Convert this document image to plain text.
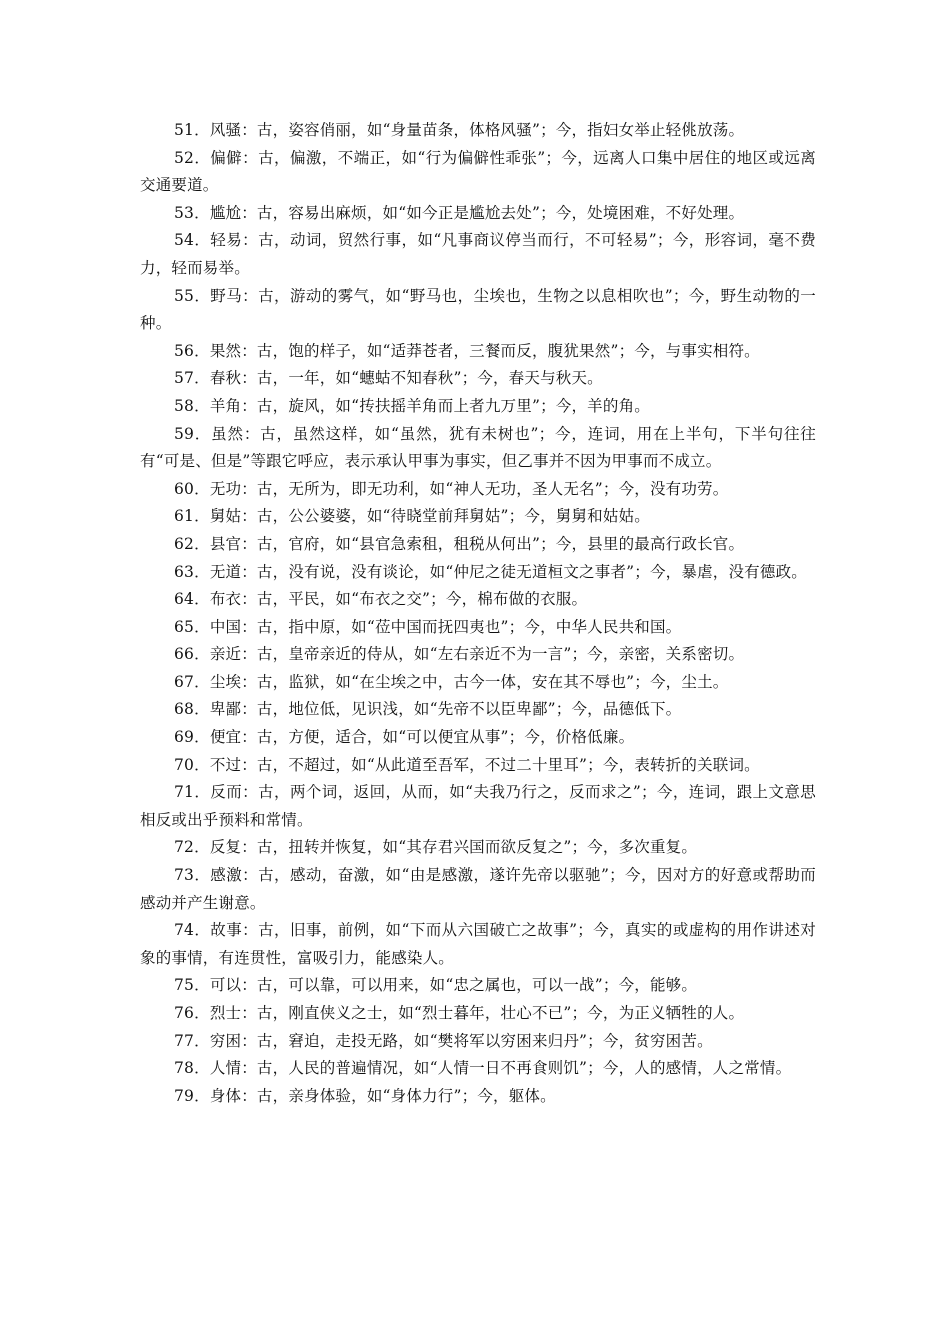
51．风骚：古，姿容俏丽，如“身量苗条，体格风骚”；今，指妇女举止轻佻放荡。

52．偏僻：古，偏激，不端正，如“行为偏僻性乖张”；今，远离人口集中居住的地区或远离交通要道。

53．尴尬：古，容易出麻烦，如“如今正是尴尬去处”；今，处境困难，不好处理。

54．轻易：古，动词，贸然行事，如“凡事商议停当而行，不可轻易”；今，形容词，毫不费力，轻而易举。

55．野马：古，游动的雾气，如“野马也，尘埃也，生物之以息相吹也”；今，野生动物的一种。

56．果然：古，饱的样子，如“适莽苍者，三餐而反，腹犹果然”；今，与事实相符。

57．春秋：古，一年，如“蟪蛄不知春秋”；今，春天与秋天。

58．羊角：古，旋风，如“抟扶摇羊角而上者九万里”；今，羊的角。

59．虽然：古，虽然这样，如“虽然，犹有未树也”；今，连词，用在上半句，下半句往往有“可是、但是”等跟它呼应，表示承认甲事为事实，但乙事并不因为甲事而不成立。

60．无功：古，无所为，即无功利，如“神人无功，圣人无名”；今，没有功劳。

61．舅姑：古，公公婆婆，如“待晓堂前拜舅姑”；今，舅舅和姑姑。

62．县官：古，官府，如“县官急索租，租税从何出”；今，县里的最高行政长官。

63．无道：古，没有说，没有谈论，如“仲尼之徒无道桓文之事者”；今，暴虐，没有德政。

64．布衣：古，平民，如“布衣之交”；今，棉布做的衣服。

65．中国：古，指中原，如“莅中国而抚四夷也”；今，中华人民共和国。

66．亲近：古，皇帝亲近的侍从，如“左右亲近不为一言”；今，亲密，关系密切。

67．尘埃：古，监狱，如“在尘埃之中，古今一体，安在其不辱也”；今，尘土。

68．卑鄙：古，地位低，见识浅，如“先帝不以臣卑鄙”；今，品德低下。

69．便宜：古，方便，适合，如“可以便宜从事”；今，价格低廉。

70．不过：古，不超过，如“从此道至吾军，不过二十里耳”；今，表转折的关联词。

71．反而：古，两个词，返回，从而，如“夫我乃行之，反而求之”；今，连词，跟上文意思相反或出乎预料和常情。

72．反复：古，扭转并恢复，如“其存君兴国而欲反复之”；今，多次重复。

73．感激：古，感动，奋激，如“由是感激，遂许先帝以驱驰”；今，因对方的好意或帮助而感动并产生谢意。

74．故事：古，旧事，前例，如“下而从六国破亡之故事”；今，真实的或虚构的用作讲述对象的事情，有连贯性，富吸引力，能感染人。

75．可以：古，可以靠，可以用来，如“忠之属也，可以一战”；今，能够。

76．烈士：古，刚直侠义之士，如“烈士暮年，壮心不已”；今，为正义牺牲的人。

77．穷困：古，窘迫，走投无路，如“樊将军以穷困来归丹”；今，贫穷困苦。

78．人情：古，人民的普遍情况，如“人情一日不再食则饥”；今，人的感情，人之常情。

79．身体：古，亲身体验，如“身体力行”；今，躯体。
